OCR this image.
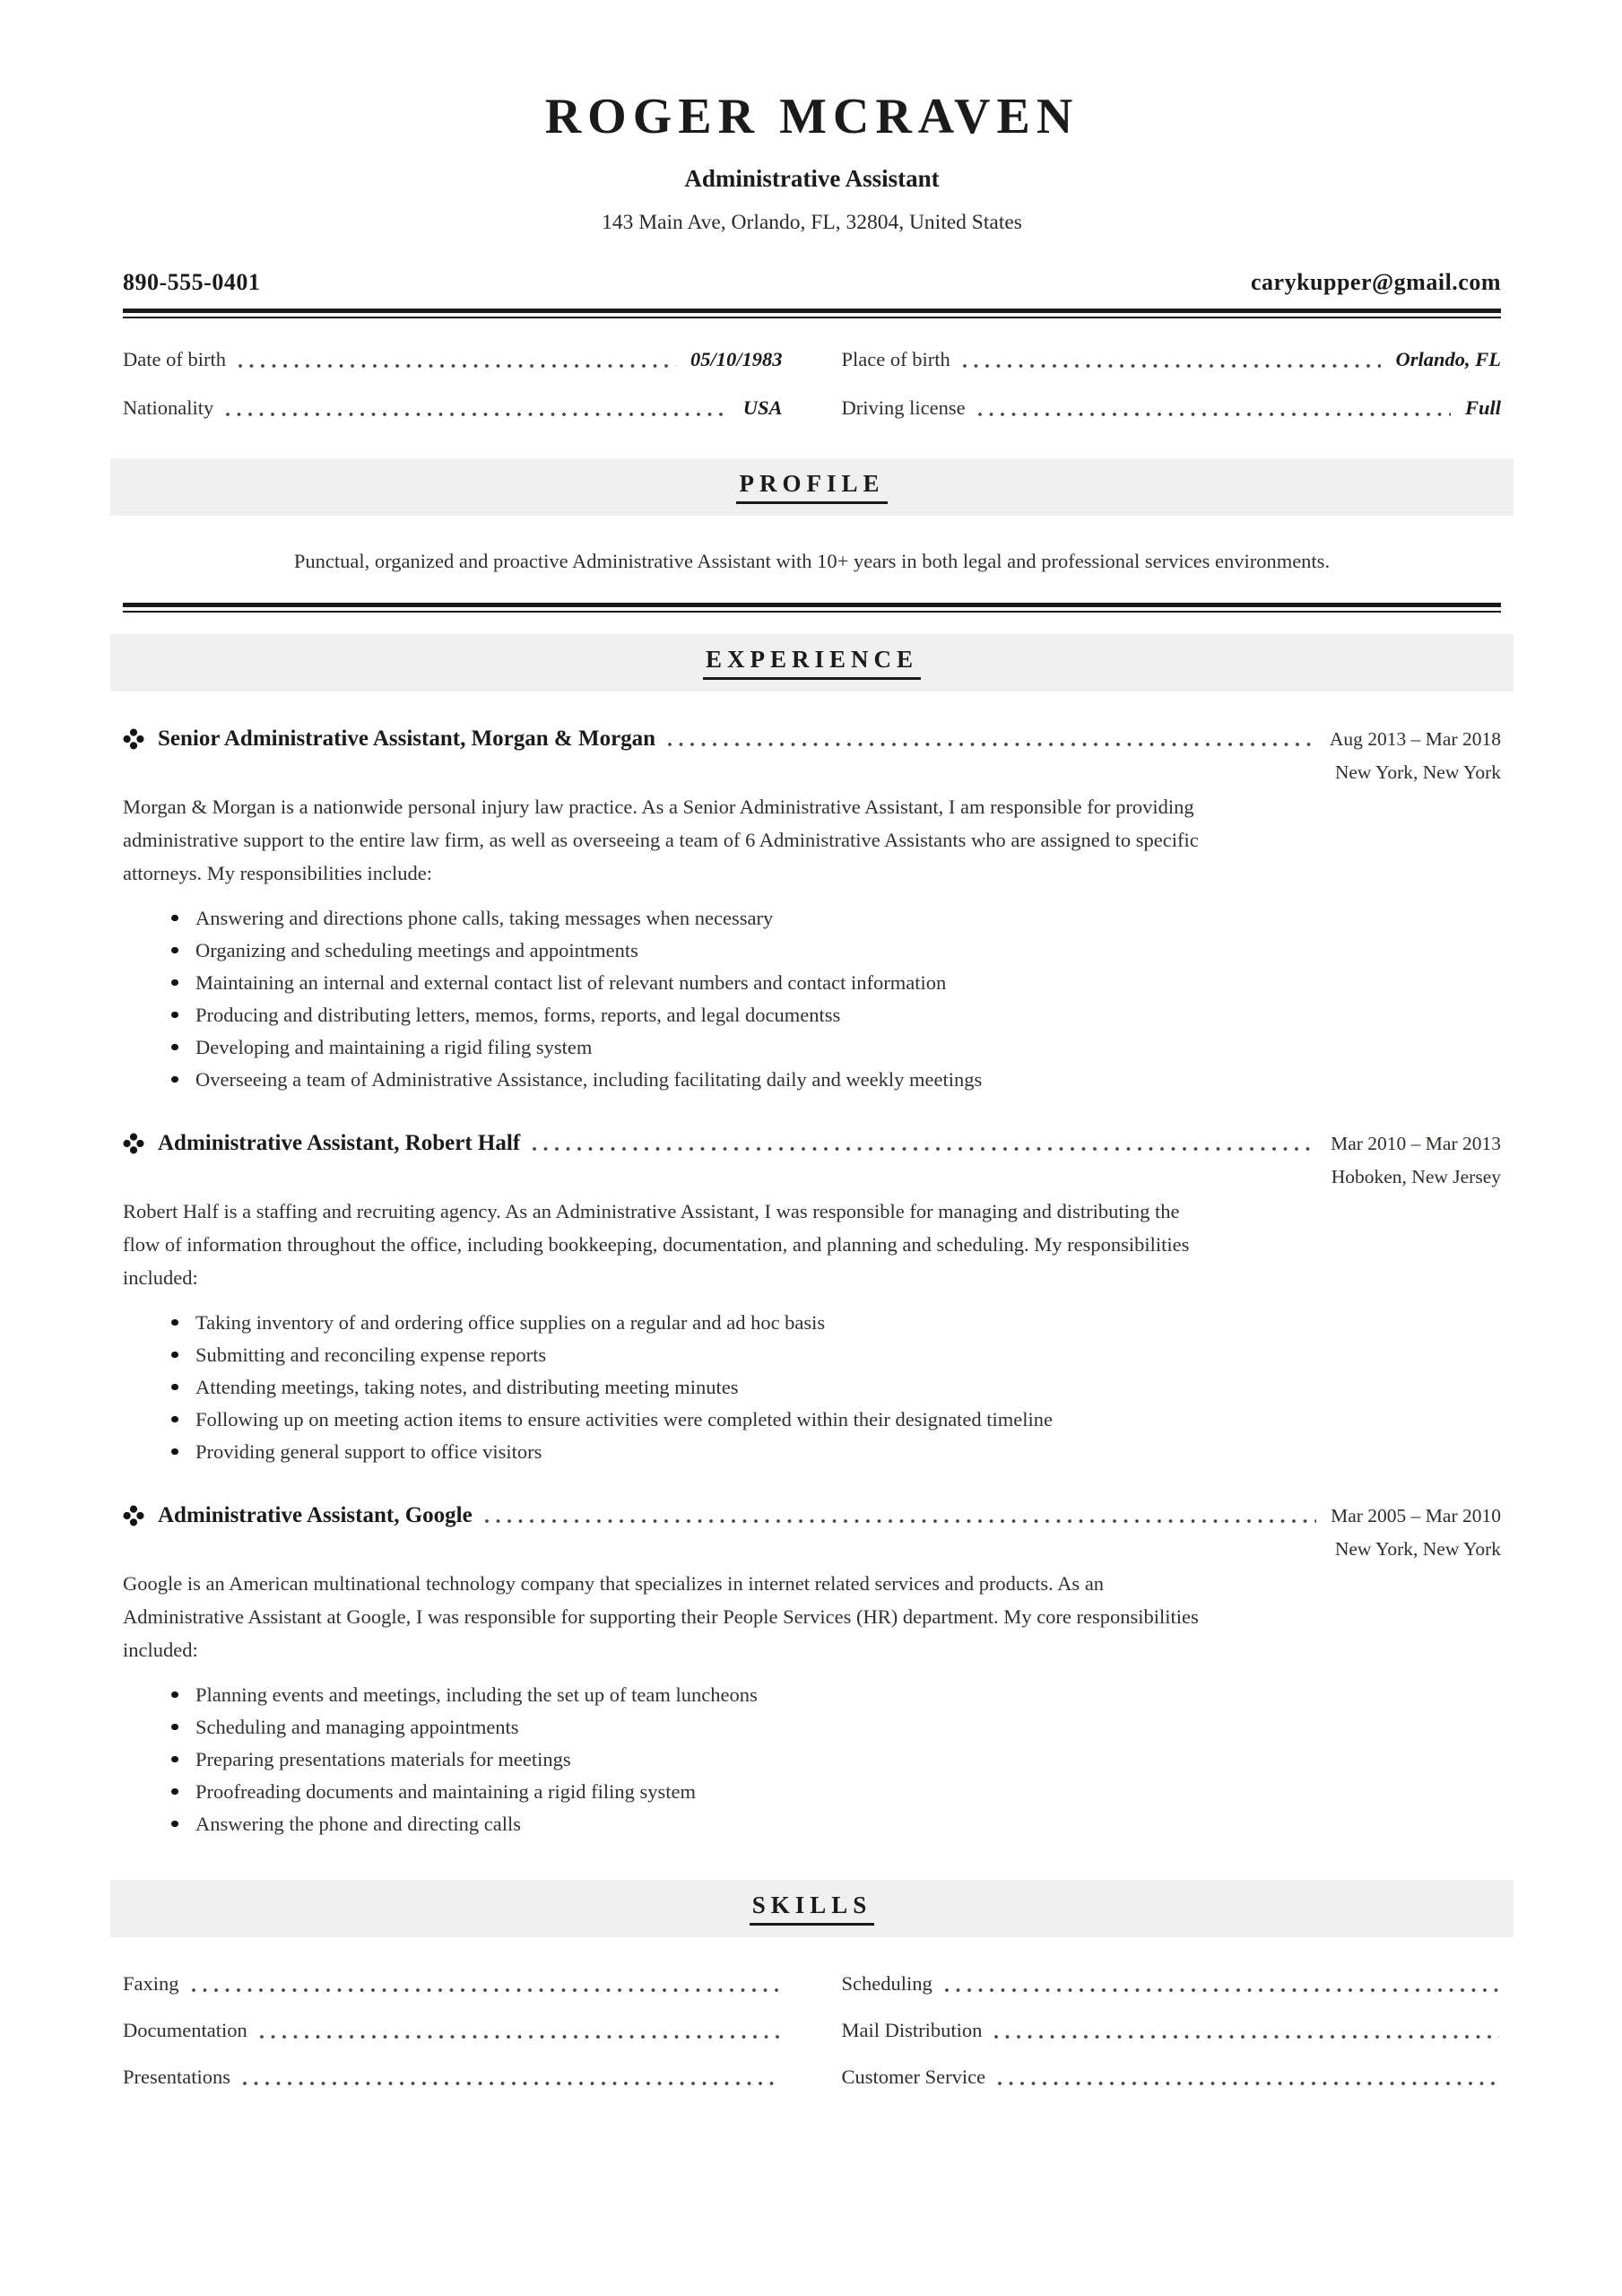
ROGER MCRAVEN
Administrative Assistant
143 Main Ave, Orlando, FL, 32804, United States
890-555-0401	carykupper@gmail.com
Date of birth	05/10/1983	Place of birth	Orlando, FL
Nationality	USA	Driving license	Full
PROFILE

Punctual, organized and proactive Administrative Assistant with 10+ years in both legal and professional services environments.

EXPERIENCE
Senior Administrative Assistant, Morgan & Morgan	Aug 2013 – Mar 2018
New York, New York

Morgan & Morgan is a nationwide personal injury law practice. As a Senior Administrative Assistant, I am responsible for providing administrative support to the entire law firm, as well as overseeing a team of 6 Administrative Assistants who are assigned to specific attorneys. My responsibilities include:

Answering and directions phone calls, taking messages when necessary
Organizing and scheduling meetings and appointments
Maintaining an internal and external contact list of relevant numbers and contact information
Producing and distributing letters, memos, forms, reports, and legal documentss
Developing and maintaining a rigid filing system
Overseeing a team of Administrative Assistance, including facilitating daily and weekly meetings
Administrative Assistant, Robert Half	Mar 2010 – Mar 2013
Hoboken, New Jersey

Robert Half is a staffing and recruiting agency. As an Administrative Assistant, I was responsible for managing and distributing the flow of information throughout the office, including bookkeeping, documentation, and planning and scheduling. My responsibilities included:

Taking inventory of and ordering office supplies on a regular and ad hoc basis
Submitting and reconciling expense reports
Attending meetings, taking notes, and distributing meeting minutes
Following up on meeting action items to ensure activities were completed within their designated timeline
Providing general support to office visitors
Administrative Assistant, Google	Mar 2005 – Mar 2010
New York, New York

Google is an American multinational technology company that specializes in internet related services and products. As an Administrative Assistant at Google, I was responsible for supporting their People Services (HR) department. My core responsibilities included:

Planning events and meetings, including the set up of team luncheons
Scheduling and managing appointments
Preparing presentations materials for meetings
Proofreading documents and maintaining a rigid filing system
Answering the phone and directing calls
SKILLS
Faxing	Scheduling
Documentation	Mail Distribution
Presentations	Customer Service
